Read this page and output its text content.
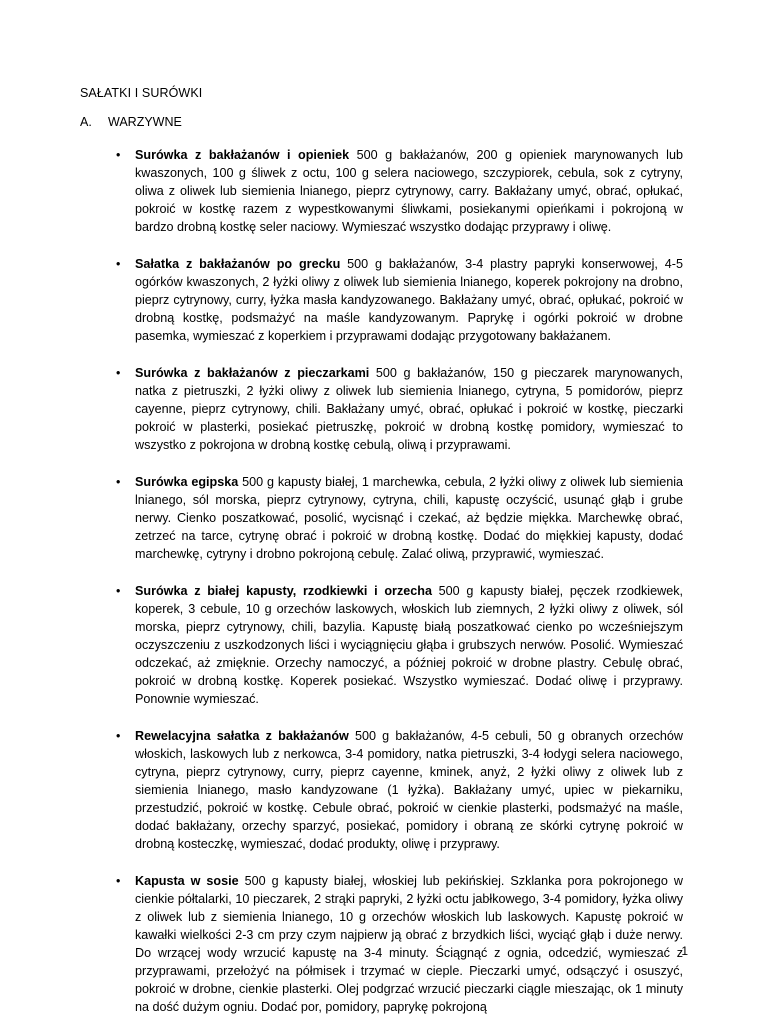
SAŁATKI I SURÓWKI
A. WARZYWNE
• Surówka z bakłażanów i opieniek 500 g bakłażanów, 200 g opieniek marynowanych lub kwaszonych, 100 g śliwek z octu, 100 g selera naciowego, szczypiorek, cebula, sok z cytryny, oliwa z oliwek lub siemienia lnianego, pieprz cytrynowy, carry. Bakłażany umyć, obrać, opłukać, pokroić w kostkę razem z wypestkowanymi śliwkami, posiekanymi opieńkami i pokrojoną w bardzo drobną kostkę seler naciowy. Wymieszać wszystko dodając przyprawy i oliwę.
• Sałatka z bakłażanów po grecku 500 g bakłażanów, 3-4 plastry papryki konserwowej, 4-5 ogórków kwaszonych, 2 łyżki oliwy z oliwek lub siemienia lnianego, koperek pokrojony na drobno, pieprz cytrynowy, curry, łyżka masła kandyzowanego. Bakłażany umyć, obrać, opłukać, pokroić w drobną kostkę, podsmażyć na maśle kandyzowanym. Paprykę i ogórki pokroić w drobne pasemka, wymieszać z koperkiem i przyprawami dodając przygotowany bakłażanem.
• Surówka z bakłażanów z pieczarkami 500 g bakłażanów, 150 g pieczarek marynowanych, natka z pietruszki, 2 łyżki oliwy z oliwek lub siemienia lnianego, cytryna, 5 pomidorów, pieprz cayenne, pieprz cytrynowy, chili. Bakłażany umyć, obrać, opłukać i pokroić w kostkę, pieczarki pokroić w plasterki, posiekać pietruszkę, pokroić w drobną kostkę pomidory, wymieszać to wszystko z pokrojona w drobną kostkę cebulą, oliwą i przyprawami.
• Surówka egipska 500 g kapusty białej, 1 marchewka, cebula, 2 łyżki oliwy z oliwek lub siemienia lnianego, sól morska, pieprz cytrynowy, cytryna, chili, kapustę oczyścić, usunąć głąb i grube nerwy. Cienko poszatkować, posolić, wycisnąć i czekać, aż będzie miękka. Marchewkę obrać, zetrzeć na tarce, cytrynę obrać i pokroić w drobną kostkę. Dodać do miękkiej kapusty, dodać marchewkę, cytryny i drobno pokrojoną cebulę. Zalać oliwą, przyprawić, wymieszać.
• Surówka z białej kapusty, rzodkiewki i orzecha 500 g kapusty białej, pęczek rzodkiewek, koperek, 3 cebule, 10 g orzechów laskowych, włoskich lub ziemnych, 2 łyżki oliwy z oliwek, sól morska, pieprz cytrynowy, chili, bazylia. Kapustę białą poszatkować cienko po wcześniejszym oczyszczeniu z uszkodzonych liści i wyciągnięciu głąba i grubszych nerwów. Posolić. Wymieszać odczekać, aż zmięknie. Orzechy namoczyć, a później pokroić w drobne plastry. Cebulę obrać, pokroić w drobną kostkę. Koperek posiekać. Wszystko wymieszać. Dodać oliwę i przyprawy. Ponownie wymieszać.
• Rewelacyjna sałatka z bakłażanów 500 g bakłażanów, 4-5 cebuli, 50 g obranych orzechów włoskich, laskowych lub z nerkowca, 3-4 pomidory, natka pietruszki, 3-4 łodygi selera naciowego, cytryna, pieprz cytrynowy, curry, pieprz cayenne, kminek, anyż, 2 łyżki oliwy z oliwek lub z siemienia lnianego, masło kandyzowane (1 łyżka). Bakłażany umyć, upiec w piekarniku, przestudzić, pokroić w kostkę. Cebule obrać, pokroić w cienkie plasterki, podsmażyć na maśle, dodać bakłażany, orzechy sparzyć, posiekać, pomidory i obraną ze skórki cytrynę pokroić w drobną kosteczkę, wymieszać, dodać produkty, oliwę i przyprawy.
• Kapusta w sosie 500 g kapusty białej, włoskiej lub pekińskiej. Szklanka pora pokrojonego w cienkie półtalarki, 10 pieczarek, 2 strąki papryki, 2 łyżki octu jabłkowego, 3-4 pomidory, łyżka oliwy z oliwek lub z siemienia lnianego, 10 g orzechów włoskich lub laskowych. Kapustę pokroić w kawałki wielkości 2-3 cm przy czym najpierw ją obrać z brzydkich liści, wyciąć głąb i duże nerwy. Do wrzącej wody wrzucić kapustę na 3-4 minuty. Ściągnąć z ognia, odcedzić, wymieszać z przyprawami, przełożyć na półmisek i trzymać w cieple. Pieczarki umyć, odsączyć i osuszyć, pokroić w drobne, cienkie plasterki. Olej podgrzać wrzucić pieczarki ciągle mieszając, ok 1 minuty na dość dużym ogniu. Dodać por, pomidory, paprykę pokrojoną
1
